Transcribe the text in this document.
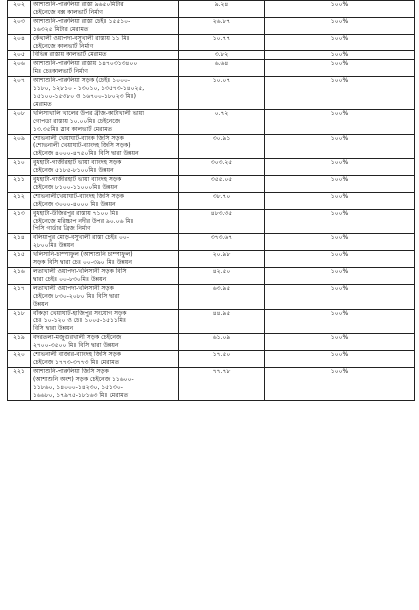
২০২	আশাশুনি-পারুলিয়া রাস্তা ৯৬৫০মিটার
চেইনেজে বক্স কালভার্ট নির্মাণ	৯.২৪	১০০%
২০৩	আশাশুনি-পারুলিয়া রাস্তা চেইঃ ১৫৫১০-
১৬৩২৫ মিটার মেরামত	২৬.৮৭	১০০%
২০৪	কেঁথালী ওয়াপদা-বসুখালী রাস্তায় ১১ মিঃ
চেইনেজে কালভার্ট নির্মাণ	১০.৭৭	১০০%
২০৫	বিভিন্ন রাস্তায় কালভার্ট মেরামত	৩.৮২	১০০%
২০৬	আশাশুনি-পারুলিয়া রাস্তায় ১৪৭০৩১৩৪০০
মিঃ চেঃকালভার্ট নির্মাণ	৬.৬৪	১০০%
২০৭	আশাশুনি-পারুলিয়া সড়ক (চেইঃ ১০০০-
১১৮০, ১২৮১০ - ১৩০১০, ১৩৫৭৩-১৪০২৫,
১৫১০০-১৫৩৮০ ও ১৬৭০০-১৮০২৩ মিঃ)
মেরামত	১০.০৭	১০০%
২০৮	খলিসাখালি খালের উপর ব্রীজ-কাটাখালী ভায়া
গোপডা রাস্তায় ১০.০০মিঃ চেইনেজে
১৩.৩৫মিঃ স্লাব কালভার্ট মেরামত	০.৭২	১০০%
২০৯	শোভনালী খেয়াঘাট-ব্যাংক জিসি সড়ক
(শোভনালী খেয়াঘাট-ব্যাংদহ জিসি সড়ক)
চেইনেজ ৪০০০-৪৭৫০মিঃ বিসি দ্বারা উন্নয়ন	৩০.৯১	১০০%
২১০	বুধহাটা-গাজীরহাট ভায়া ব্যাংদহ সড়ক
চেইনেজ ৫১৮৫-৮১০০মিঃ উন্নয়ন	৩০৩.২৫	১০০%
২১১	বুধহাটা-গাজীরহাট ভায়া ব্যাংদহ সড়ক
চেইনেজ ৮১০০-১১০০০মিঃ উন্নয়ন	৩৫৫.০৫	১০০%
২১২	শোভনালীখেয়াঘাট-ব্যাংদহ জিসি সড়ক
চেইনেজ ৩০০০-৪০০০ মিঃ উন্নয়ন	৩৮.৭০	১০০%
২১৩	বুধহাটা-উজিরপুর রাস্তায় ৭১০০ মিঃ
চেইনেজে মরিচ্চাপ নদীর উপর ৯০.০৬ মিঃ
পিসি গার্ডার ব্রিজ নির্মাণ	৪৮৩.৩৫	১০০%
২১৪	বলিয়াপুর মোড়-বসুখালী রাস্তা চেইঃ ০০-
২৮০০মিঃ উন্নয়ন	৩৭৩.৬৭	১০০%
২১৫	খলিসানি-চাম্পাফুল (আশাশুনি চাম্পাফুল)
সড়ক বিসি দ্বারা চেঃ ০০-৩৯০ মিঃ উন্নয়ন	২০.৯৮	১০০%
২১৬	লতাখালী ওয়াপদা-খলিসানী সড়ক বিসি
দ্বারা চেইঃ ০০-৮৩০মিঃ উন্নয়ন	৪২.৫০	১০০%
২১৭	লতাখালী ওয়াপদা-খলিসানী সড়ক
চেইনেজ ৮৩০-২০৮০ মিঃ বিসি দ্বারা
উন্নয়ন	৬৩.৯৫	১০০%
২১৮	বাঁকড়া খেয়াঘাট-হাজিপুর সংযোগ সড়ক
চেঃ ১০-১২০ ও চেঃ ১০০৫-১৫১১মিঃ
বিসি দ্বারা উন্নয়ন	৪৪.৯৫	১০০%
২১৯	বদরতলা-মজুগুরখালী সড়ক চেইনেজ
২৭০০-৩৫০০ মিঃ বিসি দ্বারা উন্নয়ন	৬১.০৯	১০০%
২২০	শোভনালী বাজার-ব্যাংদহ জিসি সড়ক
চেইনেজ ১৭৭৩-৩৭৭৩ মিঃ মেরামত	১৭.৫০	১০০%
২২১	আশাশুনি-পারুলিয়া জিসি সড়ক
(আশাশুনি অংশ) সড়ক চেইনেজ ১১৬০০-
১১৮৬০, ১৪০০০-১৪২৩০, ১৫১৩০-
১৬৬৮০, ১৭৯৭৫-১৮১৬৩ মিঃ মেরামত	৭৭.৭৮	১০০%
